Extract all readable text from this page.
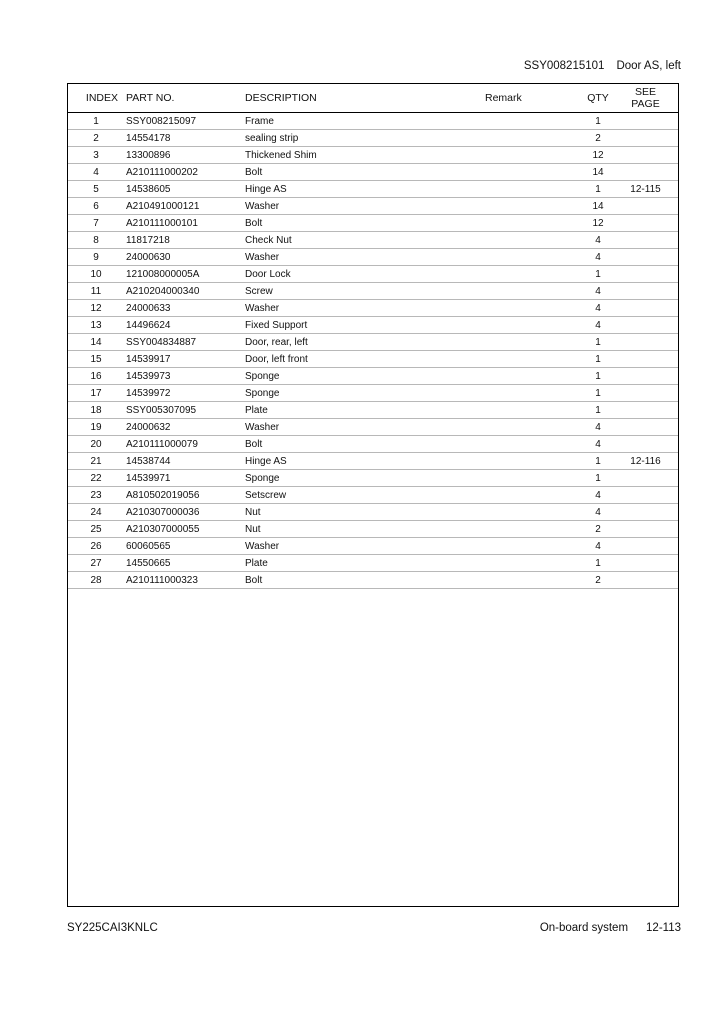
SSY008215101 Door AS, left
INDEX	PART NO.	DESCRIPTION	Remark		QTY	SEE
PAGE
1	SSY008215097	Frame			1	
2	14554178	sealing strip			2	
3	13300896	Thickened Shim			12	
4	A210111000202	Bolt			14	
5	14538605	Hinge AS			1	12-115
6	A210491000121	Washer			14	
7	A210111000101	Bolt			12	
8	11817218	Check Nut			4	
9	24000630	Washer			4	
10	121008000005A	Door Lock			1	
11	A210204000340	Screw			4	
12	24000633	Washer			4	
13	14496624	Fixed Support			4	
14	SSY004834887	Door, rear, left			1	
15	14539917	Door, left front			1	
16	14539973	Sponge			1	
17	14539972	Sponge			1	
18	SSY005307095	Plate			1	
19	24000632	Washer			4	
20	A210111000079	Bolt			4	
21	14538744	Hinge AS			1	12-116
22	14539971	Sponge			1	
23	A810502019056	Setscrew			4	
24	A210307000036	Nut			4	
25	A210307000055	Nut			2	
26	60060565	Washer			4	
27	14550665	Plate			1	
28	A210111000323	Bolt			2	
SY225CAI3KNLC	On-board system 12-113
